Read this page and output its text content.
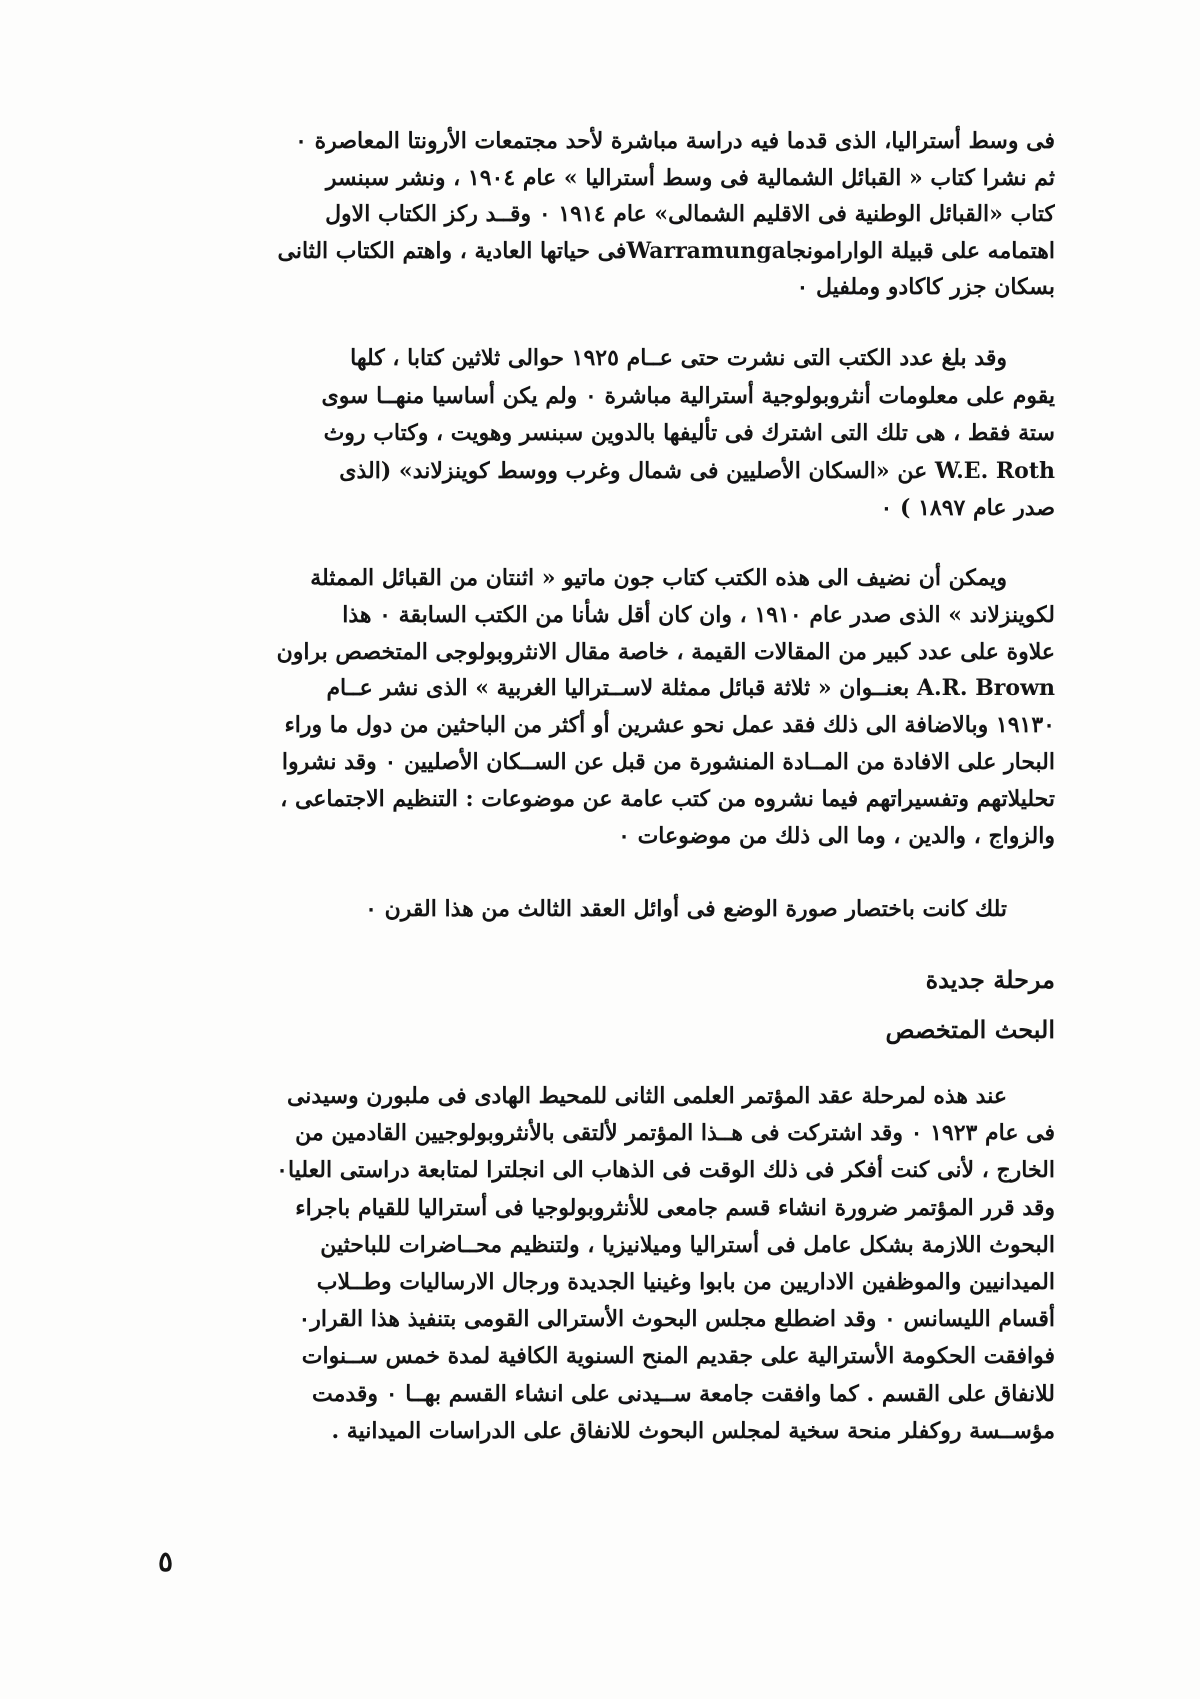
فى وسط أستراليا، الذى قدما فيه دراسة مباشرة لأحد مجتمعات الأرونتا المعاصرة ٠
ثم نشرا كتاب « القبائل الشمالية فى وسط أستراليا » عام ١٩٠٤ ، ونشر سبنسر
كتاب «القبائل الوطنية فى الاقليم الشمالى» عام ١٩١٤ ٠ وقــد ركز الكتاب الاول
اهتمامه على قبيلة الوارامونجاWarramungaفى حياتها العادية ، واهتم الكتاب الثانى
بسكان جزر كاكادو وملفيل ٠
وقد بلغ عدد الكتب التى نشرت حتى عــام ١٩٢٥ حوالى ثلاثين كتابا ، كلها
يقوم على معلومات أنثروبولوجية أسترالية مباشرة ٠ ولم يكن أساسيا منهــا سوى
ستة فقط ، هى تلك التى اشترك فى تأليفها بالدوين سبنسر وهويت ، وكتاب روث
W.E. Roth عن «السكان الأصليين فى شمال وغرب ووسط كوينزلاند» (الذى
صدر عام ١٨٩٧ ) ٠
ويمكن أن نضيف الى هذه الكتب كتاب جون ماتيو « اثنتان من القبائل الممثلة
لكوينزلاند » الذى صدر عام ١٩١٠ ، وان كان أقل شأنا من الكتب السابقة ٠ هذا
علاوة على عدد كبير من المقالات القيمة ، خاصة مقال الانثروبولوجى المتخصص براون
A.R. Brown بعنــوان « ثلاثة قبائل ممثلة لاســتراليا الغربية » الذى نشر عــام
١٩١٣٠ وبالاضافة الى ذلك فقد عمل نحو عشرين أو أكثر من الباحثين من دول ما وراء
البحار على الافادة من المــادة المنشورة من قبل عن الســكان الأصليين ٠ وقد نشروا
تحليلاتهم وتفسيراتهم فيما نشروه من كتب عامة عن موضوعات : التنظيم الاجتماعى ،
والزواج ، والدين ، وما الى ذلك من موضوعات ٠
تلك كانت باختصار صورة الوضع فى أوائل العقد الثالث من هذا القرن ٠
مرحلة جديدة
البحث المتخصص
عند هذه لمرحلة عقد المؤتمر العلمى الثانى للمحيط الهادى فى ملبورن وسيدنى
فى عام ١٩٢٣ ٠ وقد اشتركت فى هــذا المؤتمر لألتقى بالأنثروبولوجيين القادمين من
الخارج ، لأنى كنت أفكر فى ذلك الوقت فى الذهاب الى انجلترا لمتابعة دراستى العليا٠
وقد قرر المؤتمر ضرورة انشاء قسم جامعى للأنثروبولوجيا فى أستراليا للقيام باجراء
البحوث اللازمة بشكل عامل فى أستراليا وميلانيزيا ، ولتنظيم محــاضرات للباحثين
الميدانيين والموظفين الاداريين من بابوا وغينيا الجديدة ورجال الارساليات وطــلاب
أقسام الليسانس ٠ وقد اضطلع مجلس البحوث الأسترالى القومى بتنفيذ هذا القرار٠
فوافقت الحكومة الأسترالية على جقديم المنح السنوية الكافية لمدة خمس ســنوات
للانفاق على القسم . كما وافقت جامعة ســيدنى على انشاء القسم بهــا ٠ وقدمت
مؤســسة روكفلر منحة سخية لمجلس البحوث للانفاق على الدراسات الميدانية .
٥
